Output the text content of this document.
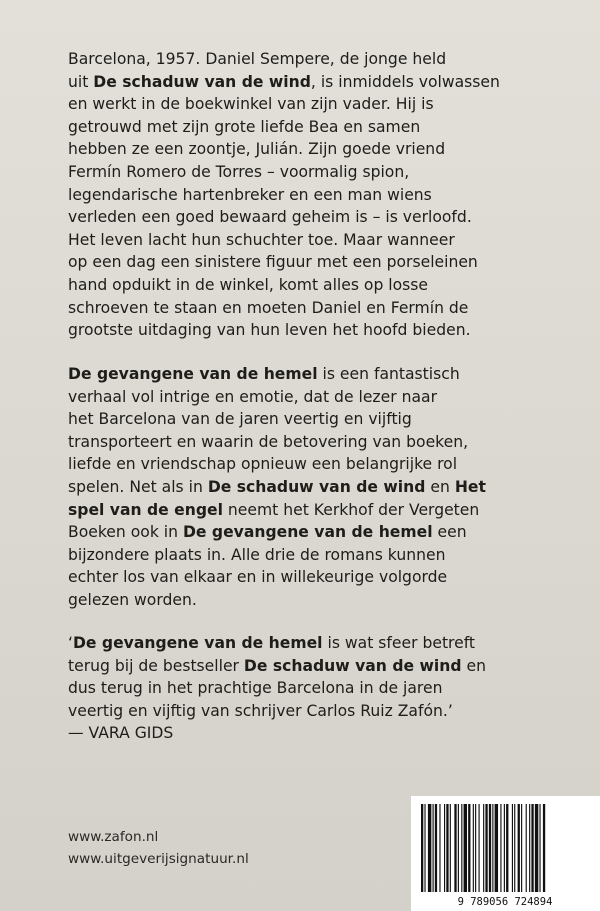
Barcelona, 1957. Daniel Sempere, de jonge held
uit De schaduw van de wind, is inmiddels volwassen
en werkt in de boekwinkel van zijn vader. Hij is
getrouwd met zijn grote liefde Bea en samen
hebben ze een zoontje, Julián. Zijn goede vriend
Fermín Romero de Torres – voormalig spion,
legendarische hartenbreker en een man wiens
verleden een goed bewaard geheim is – is verloofd.
Het leven lacht hun schuchter toe. Maar wanneer
op een dag een sinistere figuur met een porseleinen
hand opduikt in de winkel, komt alles op losse
schroeven te staan en moeten Daniel en Fermín de
grootste uitdaging van hun leven het hoofd bieden.

De gevangene van de hemel is een fantastisch
verhaal vol intrige en emotie, dat de lezer naar
het Barcelona van de jaren veertig en vijftig
transporteert en waarin de betovering van boeken,
liefde en vriendschap opnieuw een belangrijke rol
spelen. Net als in De schaduw van de wind en Het
spel van de engel neemt het Kerkhof der Vergeten
Boeken ook in De gevangene van de hemel een
bijzondere plaats in. Alle drie de romans kunnen
echter los van elkaar en in willekeurige volgorde
gelezen worden.

‘De gevangene van de hemel is wat sfeer betreft
terug bij de bestseller De schaduw van de wind en
dus terug in het prachtige Barcelona in de jaren
veertig en vijftig van schrijver Carlos Ruiz Zafón.’
— VARA GIDS

www.zafon.nl
www.uitgeverijsignatuur.nl
9 789056 724894
